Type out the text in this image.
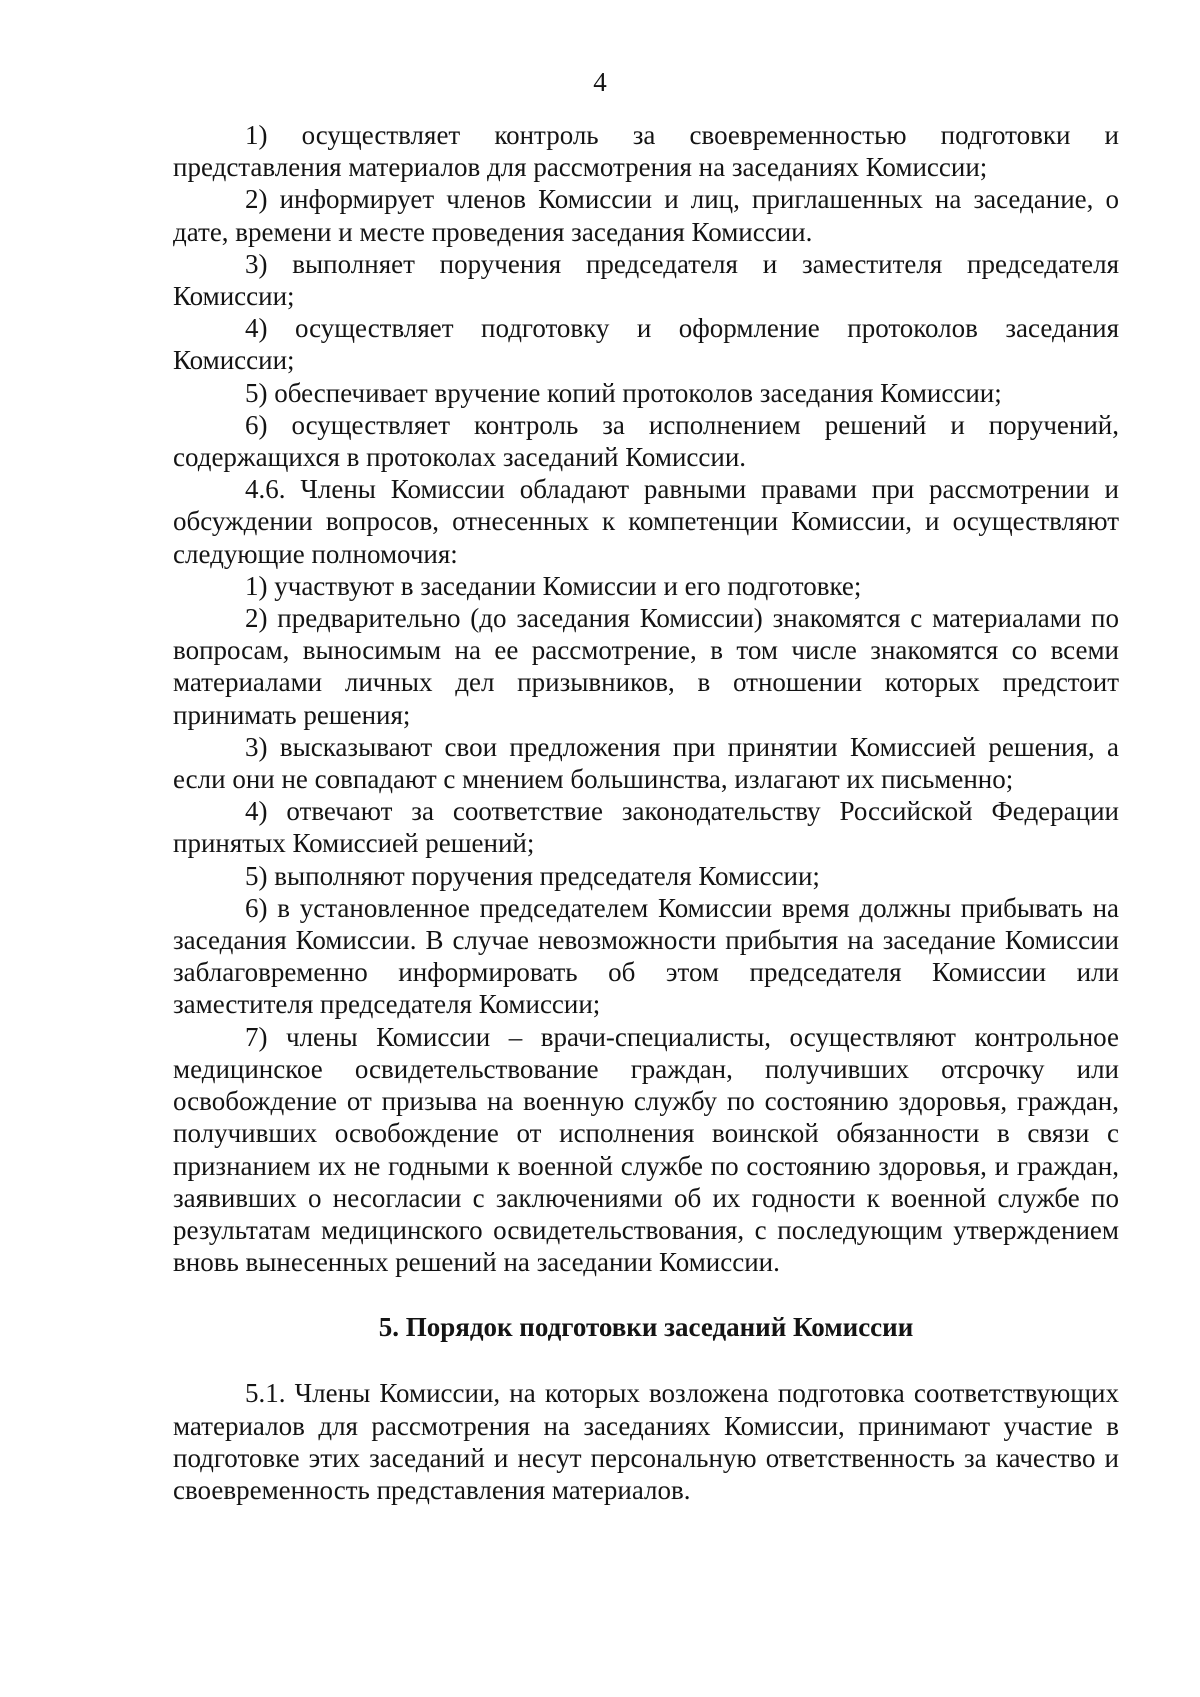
4

1) осуществляет контроль за своевременностью подготовки и представления материалов для рассмотрения на заседаниях Комиссии;

2) информирует членов Комиссии и лиц, приглашенных на заседание, о дате, времени и месте проведения заседания Комиссии.

3) выполняет поручения председателя и заместителя председателя Комиссии;

4) осуществляет подготовку и оформление протоколов заседания Комиссии;

5) обеспечивает вручение копий протоколов заседания Комиссии;

6) осуществляет контроль за исполнением решений и поручений, содержащихся в протоколах заседаний Комиссии.

4.6. Члены Комиссии обладают равными правами при рассмотрении и обсуждении вопросов, отнесенных к компетенции Комиссии, и осуществляют следующие полномочия:

1) участвуют в заседании Комиссии и его подготовке;

2) предварительно (до заседания Комиссии) знакомятся с материалами по вопросам, выносимым на ее рассмотрение, в том числе знакомятся со всеми материалами личных дел призывников, в отношении которых предстоит принимать решения;

3) высказывают свои предложения при принятии Комиссией решения, а если они не совпадают с мнением большинства, излагают их письменно;

4) отвечают за соответствие законодательству Российской Федерации принятых Комиссией решений;

5) выполняют поручения председателя Комиссии;

6) в установленное председателем Комиссии время должны прибывать на заседания Комиссии. В случае невозможности прибытия на заседание Комиссии заблаговременно информировать об этом председателя Комиссии или заместителя председателя Комиссии;

7) члены Комиссии – врачи-специалисты, осуществляют контрольное медицинское освидетельствование граждан, получивших отсрочку или освобождение от призыва на военную службу по состоянию здоровья, граждан, получивших освобождение от исполнения воинской обязанности в связи с признанием их не годными к военной службе по состоянию здоровья, и граждан, заявивших о несогласии с заключениями об их годности к военной службе по результатам медицинского освидетельствования, с последующим утверждением вновь вынесенных решений на заседании Комиссии.

5. Порядок подготовки заседаний Комиссии

5.1. Члены Комиссии, на которых возложена подготовка соответствующих материалов для рассмотрения на заседаниях Комиссии, принимают участие в подготовке этих заседаний и несут персональную ответственность за качество и своевременность представления материалов.
